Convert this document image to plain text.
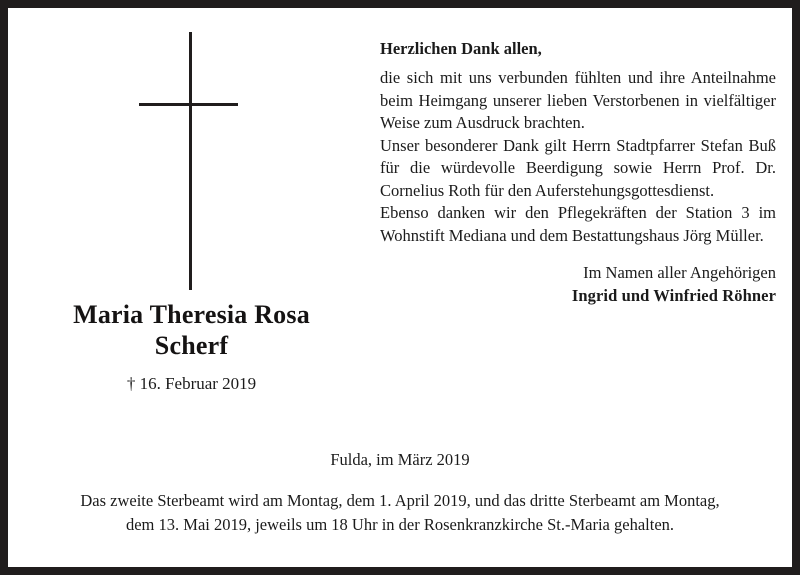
Maria Theresia Rosa
Scherf
† 16. Februar 2019
Herzlichen Dank allen,

die sich mit uns verbunden fühlten und ihre Anteilnahme beim Heimgang unserer lieben Verstorbenen in vielfältiger Weise zum Ausdruck brachten.

Unser besonderer Dank gilt Herrn Stadtpfarrer Stefan Buß für die würdevolle Beerdigung sowie Herrn Prof. Dr. Cornelius Roth für den Auferstehungsgottesdienst.

Ebenso danken wir den Pflegekräften der Station 3 im Wohnstift Mediana und dem Bestattungshaus Jörg Müller.

Im Namen aller Angehörigen
Ingrid und Winfried Röhner
Fulda, im März 2019
Das zweite Sterbeamt wird am Montag, dem 1. April 2019, und das dritte Sterbeamt am Montag, dem 13. Mai 2019, jeweils um 18 Uhr in der Rosenkranzkirche St.-Maria gehalten.
